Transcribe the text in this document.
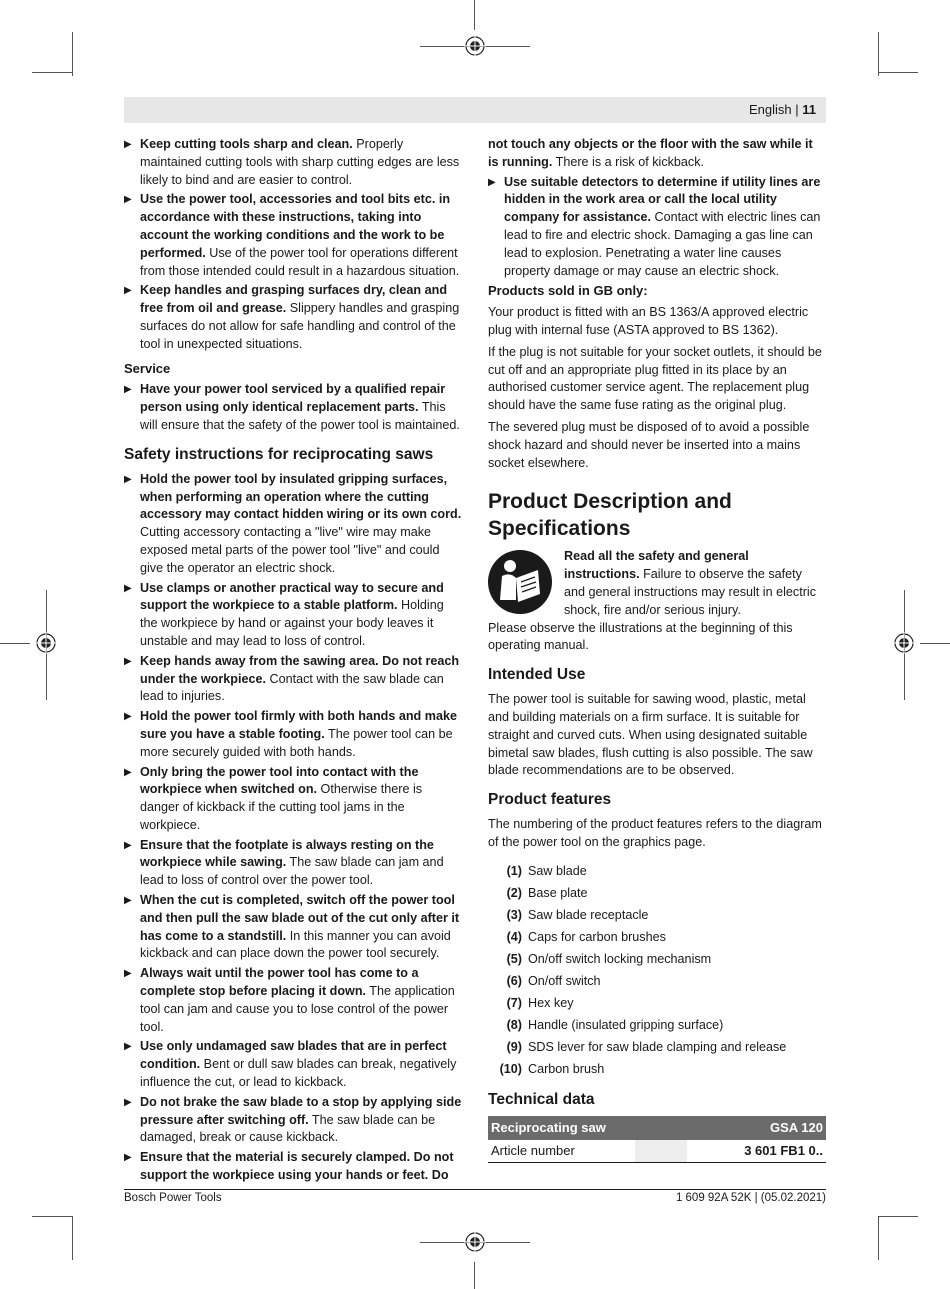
English | 11
▶ Keep cutting tools sharp and clean. Properly maintained cutting tools with sharp cutting edges are less likely to bind and are easier to control.
▶ Use the power tool, accessories and tool bits etc. in accordance with these instructions, taking into account the working conditions and the work to be performed. Use of the power tool for operations different from those intended could result in a hazardous situation.
▶ Keep handles and grasping surfaces dry, clean and free from oil and grease. Slippery handles and grasping surfaces do not allow for safe handling and control of the tool in unexpected situations.
Service
▶ Have your power tool serviced by a qualified repair person using only identical replacement parts. This will ensure that the safety of the power tool is maintained.
Safety instructions for reciprocating saws
▶ Hold the power tool by insulated gripping surfaces, when performing an operation where the cutting accessory may contact hidden wiring or its own cord. Cutting accessory contacting a "live" wire may make exposed metal parts of the power tool "live" and could give the operator an electric shock.
▶ Use clamps or another practical way to secure and support the workpiece to a stable platform. Holding the workpiece by hand or against your body leaves it unstable and may lead to loss of control.
▶ Keep hands away from the sawing area. Do not reach under the workpiece. Contact with the saw blade can lead to injuries.
▶ Hold the power tool firmly with both hands and make sure you have a stable footing. The power tool can be more securely guided with both hands.
▶ Only bring the power tool into contact with the workpiece when switched on. Otherwise there is danger of kickback if the cutting tool jams in the workpiece.
▶ Ensure that the footplate is always resting on the workpiece while sawing. The saw blade can jam and lead to loss of control over the power tool.
▶ When the cut is completed, switch off the power tool and then pull the saw blade out of the cut only after it has come to a standstill. In this manner you can avoid kickback and can place down the power tool securely.
▶ Always wait until the power tool has come to a complete stop before placing it down. The application tool can jam and cause you to lose control of the power tool.
▶ Use only undamaged saw blades that are in perfect condition. Bent or dull saw blades can break, negatively influence the cut, or lead to kickback.
▶ Do not brake the saw blade to a stop by applying side pressure after switching off. The saw blade can be damaged, break or cause kickback.
▶ Ensure that the material is securely clamped. Do not support the workpiece using your hands or feet. Do
not touch any objects or the floor with the saw while it is running. There is a risk of kickback.
▶ Use suitable detectors to determine if utility lines are hidden in the work area or call the local utility company for assistance. Contact with electric lines can lead to fire and electric shock. Damaging a gas line can lead to explosion. Penetrating a water line causes property damage or may cause an electric shock.
Products sold in GB only:

Your product is fitted with an BS 1363/A approved electric plug with internal fuse (ASTA approved to BS 1362).

If the plug is not suitable for your socket outlets, it should be cut off and an appropriate plug fitted in its place by an authorised customer service agent. The replacement plug should have the same fuse rating as the original plug.

The severed plug must be disposed of to avoid a possible shock hazard and should never be inserted into a mains socket elsewhere.

Product Description and Specifications
Read all the safety and general instructions. Failure to observe the safety and general instructions may result in electric shock, fire and/or serious injury.

Please observe the illustrations at the beginning of this operating manual.

Intended Use

The power tool is suitable for sawing wood, plastic, metal and building materials on a firm surface. It is suitable for straight and curved cuts. When using designated suitable bimetal saw blades, flush cutting is also possible. The saw blade recommendations are to be observed.

Product features

The numbering of the product features refers to the diagram of the power tool on the graphics page.

(1) Saw blade
(2) Base plate
(3) Saw blade receptacle
(4) Caps for carbon brushes
(5) On/off switch locking mechanism
(6) On/off switch
(7) Hex key
(8) Handle (insulated gripping surface)
(9) SDS lever for saw blade clamping and release
(10) Carbon brush
Technical data
Reciprocating saw		GSA 120
Article number		3 601 FB1 0..
Bosch Power Tools	1 609 92A 52K | (05.02.2021)
